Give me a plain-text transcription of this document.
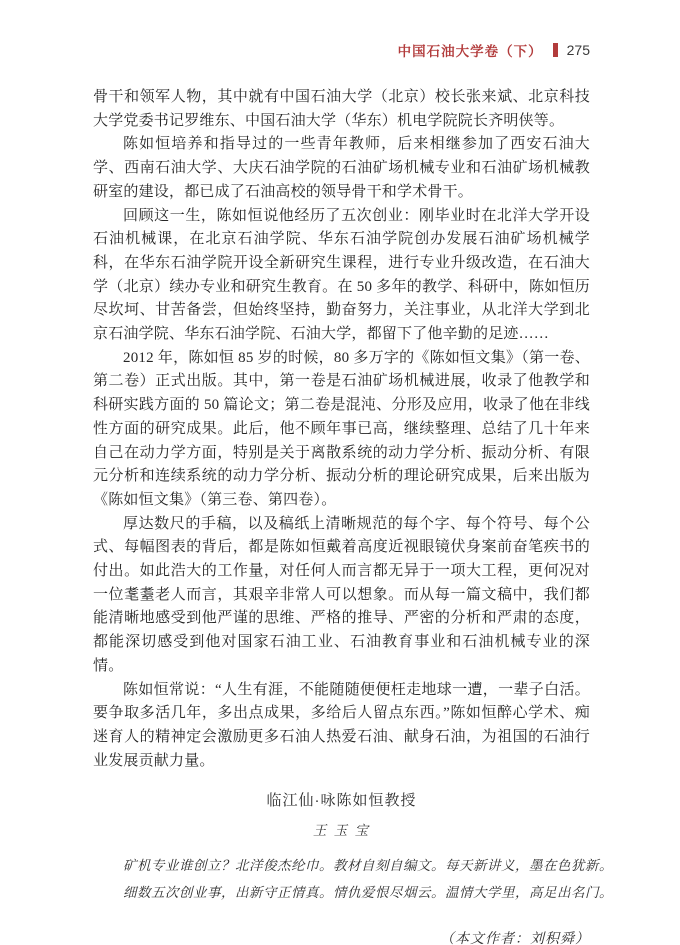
中国石油大学卷（下） 275

骨干和领军人物，其中就有中国石油大学（北京）校长张来斌、北京科技大学党委书记罗维东、中国石油大学（华东）机电学院院长齐明侠等。

陈如恒培养和指导过的一些青年教师，后来相继参加了西安石油大学、西南石油大学、大庆石油学院的石油矿场机械专业和石油矿场机械教研室的建设，都已成了石油高校的领导骨干和学术骨干。

回顾这一生，陈如恒说他经历了五次创业：刚毕业时在北洋大学开设石油机械课，在北京石油学院、华东石油学院创办发展石油矿场机械学科，在华东石油学院开设全新研究生课程，进行专业升级改造，在石油大学（北京）续办专业和研究生教育。在 50 多年的教学、科研中，陈如恒历尽坎坷、甘苦备尝，但始终坚持，勤奋努力，关注事业，从北洋大学到北京石油学院、华东石油学院、石油大学，都留下了他辛勤的足迹……

2012 年，陈如恒 85 岁的时候，80 多万字的《陈如恒文集》（第一卷、第二卷）正式出版。其中，第一卷是石油矿场机械进展，收录了他教学和科研实践方面的 50 篇论文；第二卷是混沌、分形及应用，收录了他在非线性方面的研究成果。此后，他不顾年事已高，继续整理、总结了几十年来自己在动力学方面，特别是关于离散系统的动力学分析、振动分析、有限元分析和连续系统的动力学分析、振动分析的理论研究成果，后来出版为《陈如恒文集》（第三卷、第四卷）。

厚达数尺的手稿，以及稿纸上清晰规范的每个字、每个符号、每个公式、每幅图表的背后，都是陈如恒戴着高度近视眼镜伏身案前奋笔疾书的付出。如此浩大的工作量，对任何人而言都无异于一项大工程，更何况对一位耄耋老人而言，其艰辛非常人可以想象。而从每一篇文稿中，我们都能清晰地感受到他严谨的思维、严格的推导、严密的分析和严肃的态度，都能深切感受到他对国家石油工业、石油教育事业和石油机械专业的深情。

陈如恒常说：“人生有涯，不能随随便便枉走地球一遭，一辈子白活。要争取多活几年，多出点成果，多给后人留点东西。”陈如恒醉心学术、痴迷育人的精神定会激励更多石油人热爱石油、献身石油，为祖国的石油行业发展贡献力量。

临江仙·咏陈如恒教授
王 玉 宝
矿机专业谁创立？北洋俊杰纶巾。教材自刻自编文。每天新讲义，墨在色犹新。
细数五次创业事，出新守正情真。情仇爱恨尽烟云。温情大学里，高足出名门。
（本文作者：刘积舜）
